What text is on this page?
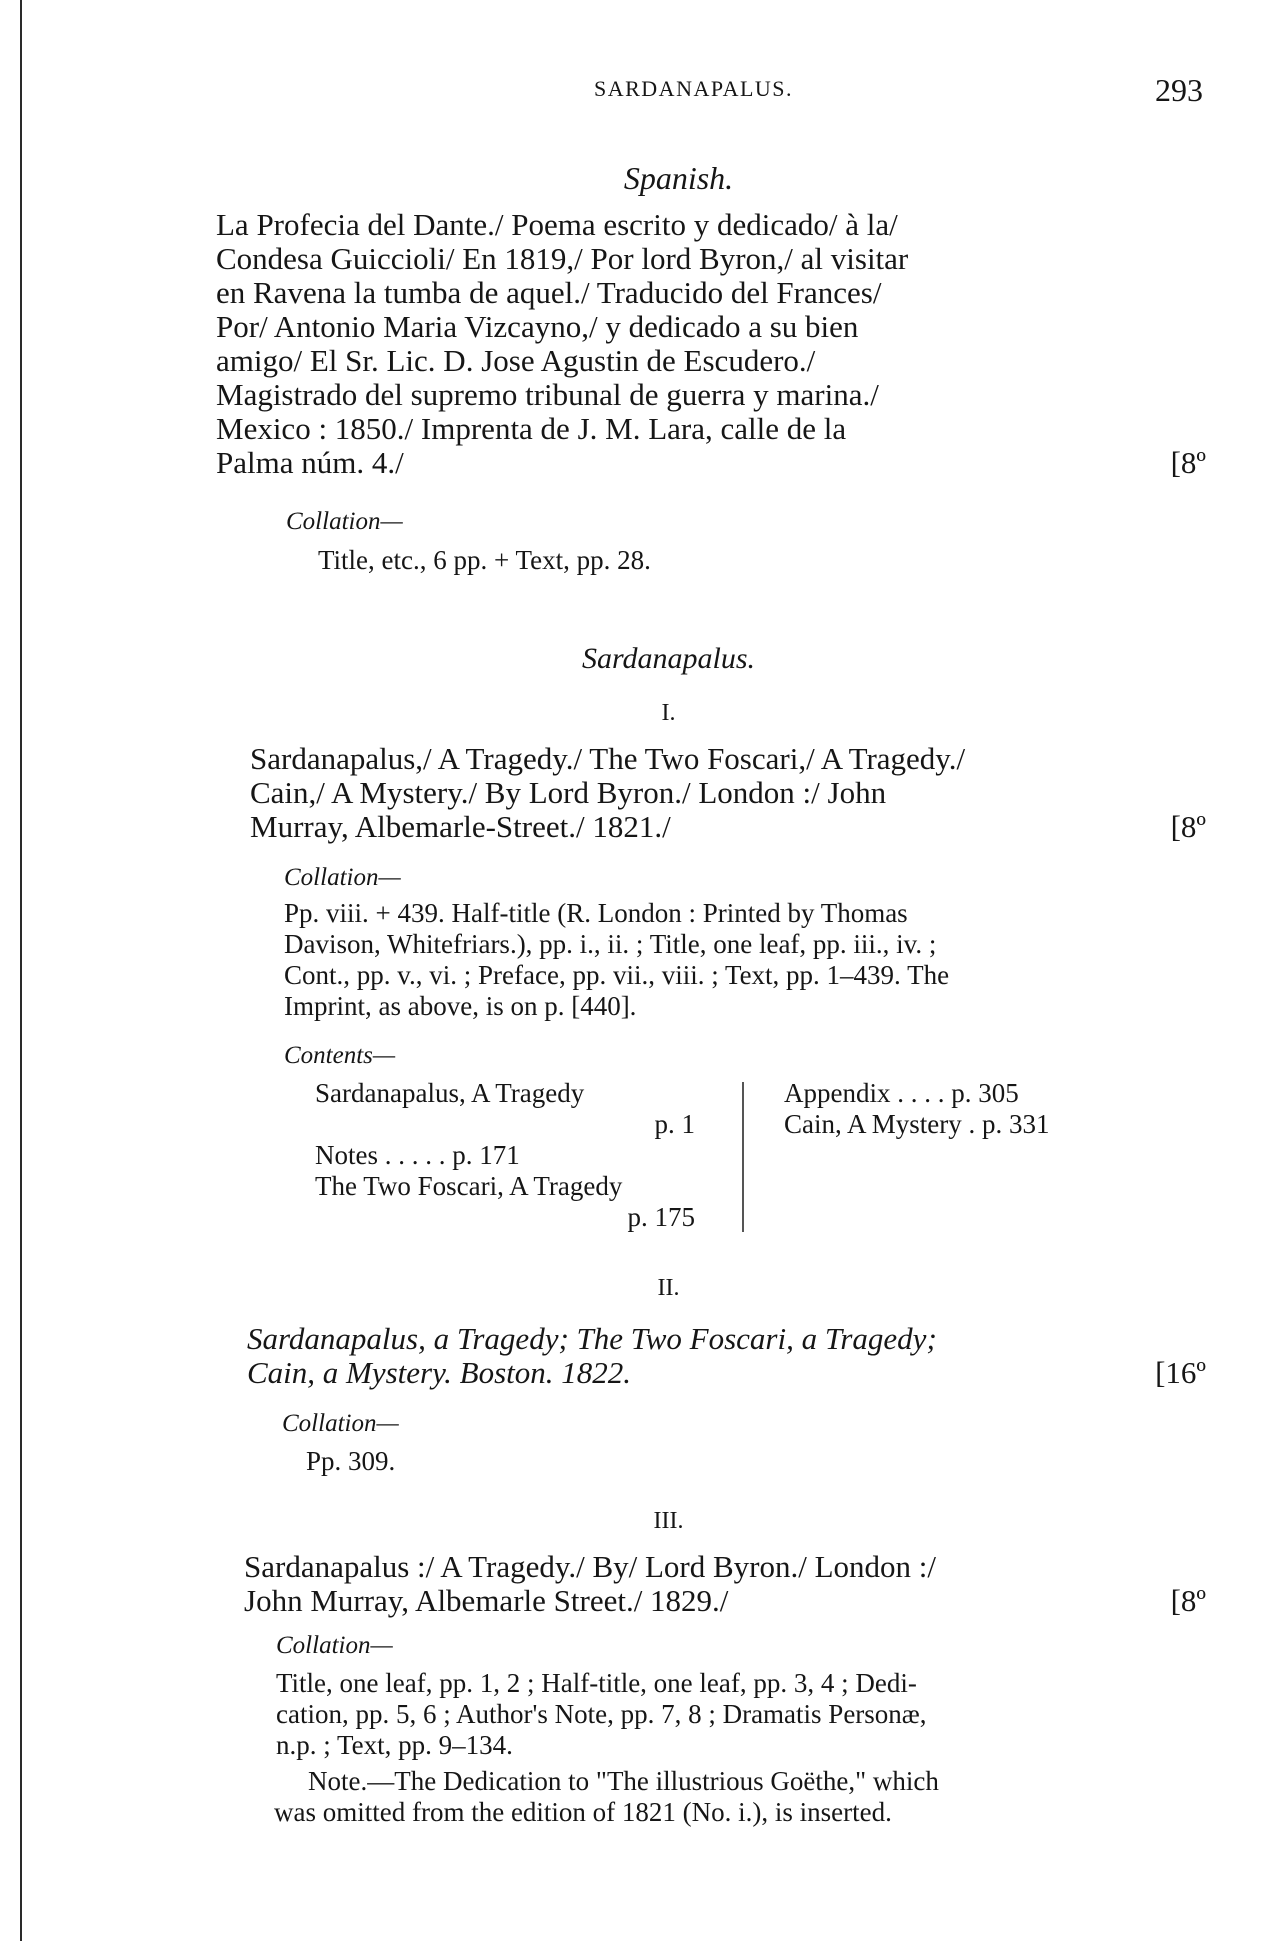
SARDANAPALUS.	293
Spanish.
La Profecia del Dante./ Poema escrito y dedicado/ à la/
Condesa Guiccioli/ En 1819,/ Por lord Byron,/ al visitar
en Ravena la tumba de aquel./ Traducido del Frances/
Por/ Antonio Maria Vizcayno,/ y dedicado a su bien
amigo/ El Sr. Lic. D. Jose Agustin de Escudero./
Magistrado del supremo tribunal de guerra y marina./
Mexico : 1850./ Imprenta de J. M. Lara, calle de la
Palma núm. 4./	[8º
Collation—
Title, etc., 6 pp. + Text, pp. 28.
Sardanapalus.
I.
Sardanapalus,/ A Tragedy./ The Two Foscari,/ A Tragedy./
Cain,/ A Mystery./ By Lord Byron./ London :/ John
Murray, Albemarle-Street./ 1821./	[8º
Collation—
Pp. viii. + 439. Half-title (R. London : Printed by Thomas
Davison, Whitefriars.), pp. i., ii. ; Title, one leaf, pp. iii., iv. ;
Cont., pp. v., vi. ; Preface, pp. vii., viii. ; Text, pp. 1–439. The
Imprint, as above, is on p. [440].
Contents—
Sardanapalus, A Tragedy
p. 1
Notes . . . . . p. 171
The Two Foscari, A Tragedy
p. 175
Appendix . . . . p. 305
Cain, A Mystery . p. 331
II.
Sardanapalus, a Tragedy; The Two Foscari, a Tragedy;
Cain, a Mystery. Boston. 1822.	[16º
Collation—
Pp. 309.
III.
Sardanapalus :/ A Tragedy./ By/ Lord Byron./ London :/
John Murray, Albemarle Street./ 1829./	[8º
Collation—
Title, one leaf, pp. 1, 2 ; Half-title, one leaf, pp. 3, 4 ; Dedi-
cation, pp. 5, 6 ; Author's Note, pp. 7, 8 ; Dramatis Personæ,
n.p. ; Text, pp. 9–134.
Note.—The Dedication to "The illustrious Goëthe," which
was omitted from the edition of 1821 (No. i.), is inserted.
